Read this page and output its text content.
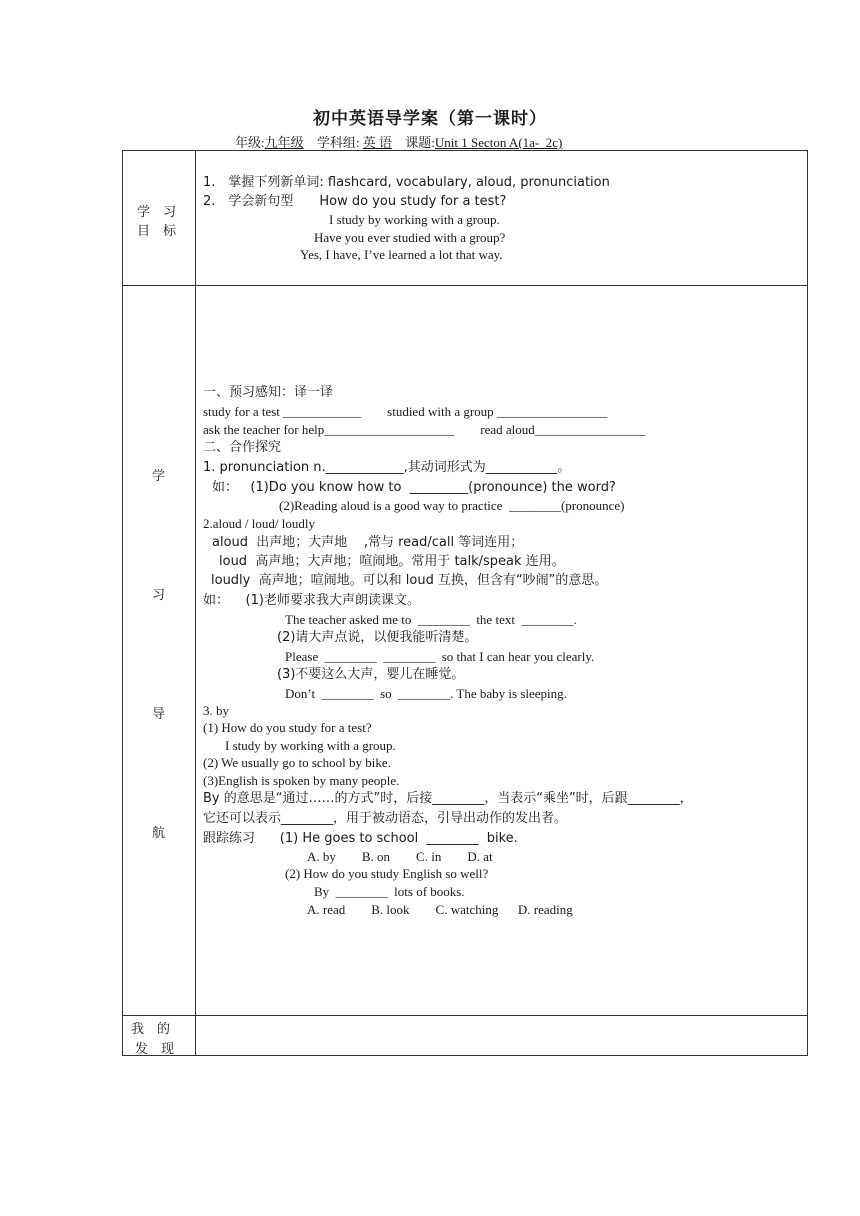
初中英语导学案（第一课时）
年级:九年级 学科组: 英 语 课题:Unit 1 Secton A(1a-_2c)
学　习
目　标
学
习
导
航
我　的
发　现
1.　掌握下列新单词: flashcard, vocabulary, aloud, pronunciation
2.　学会新句型　　How do you study for a test?
I study by working with a group.
Have you ever studied with a group?
Yes, I have, I’ve learned a lot that way.
一、预习感知：译一译
study for a test ____________        studied with a group _________________
ask the teacher for help____________________        read aloud_________________
二、合作探究
1. pronunciation n.____________,其动词形式为___________。
如：   (1)Do you know how to  _________(pronounce) the word?
(2)Reading aloud is a good way to practice  ________(pronounce)
2.aloud / loud/ loudly
aloud  出声地；大声地    ,常与 read/call 等词连用；
loud  高声地；大声地；喧闹地。常用于 talk/speak 连用。
loudly  高声地；喧闹地。可以和 loud 互换，但含有“吵闹”的意思。
如：    (1)老师要求我大声朗读课文。
The teacher asked me to  ________  the text  ________.
(2)请大声点说，以便我能听清楚。
Please  ________  ________  so that I can hear you clearly.
(3)不要这么大声，婴儿在睡觉。
Don’t  ________  so  ________. The baby is sleeping.
3. by
(1) How do you study for a test?
I study by working with a group.
(2) We usually go to school by bike.
(3)English is spoken by many people.
By 的意思是“通过……的方式”时，后接________，当表示“乘坐”时，后跟________，
它还可以表示________，用于被动语态，引导出动作的发出者。
跟踪练习      (1) He goes to school  ________  bike.
A. by        B. on        C. in        D. at
(2) How do you study English so well?
By  ________  lots of books.
A. read        B. look        C. watching      D. reading
